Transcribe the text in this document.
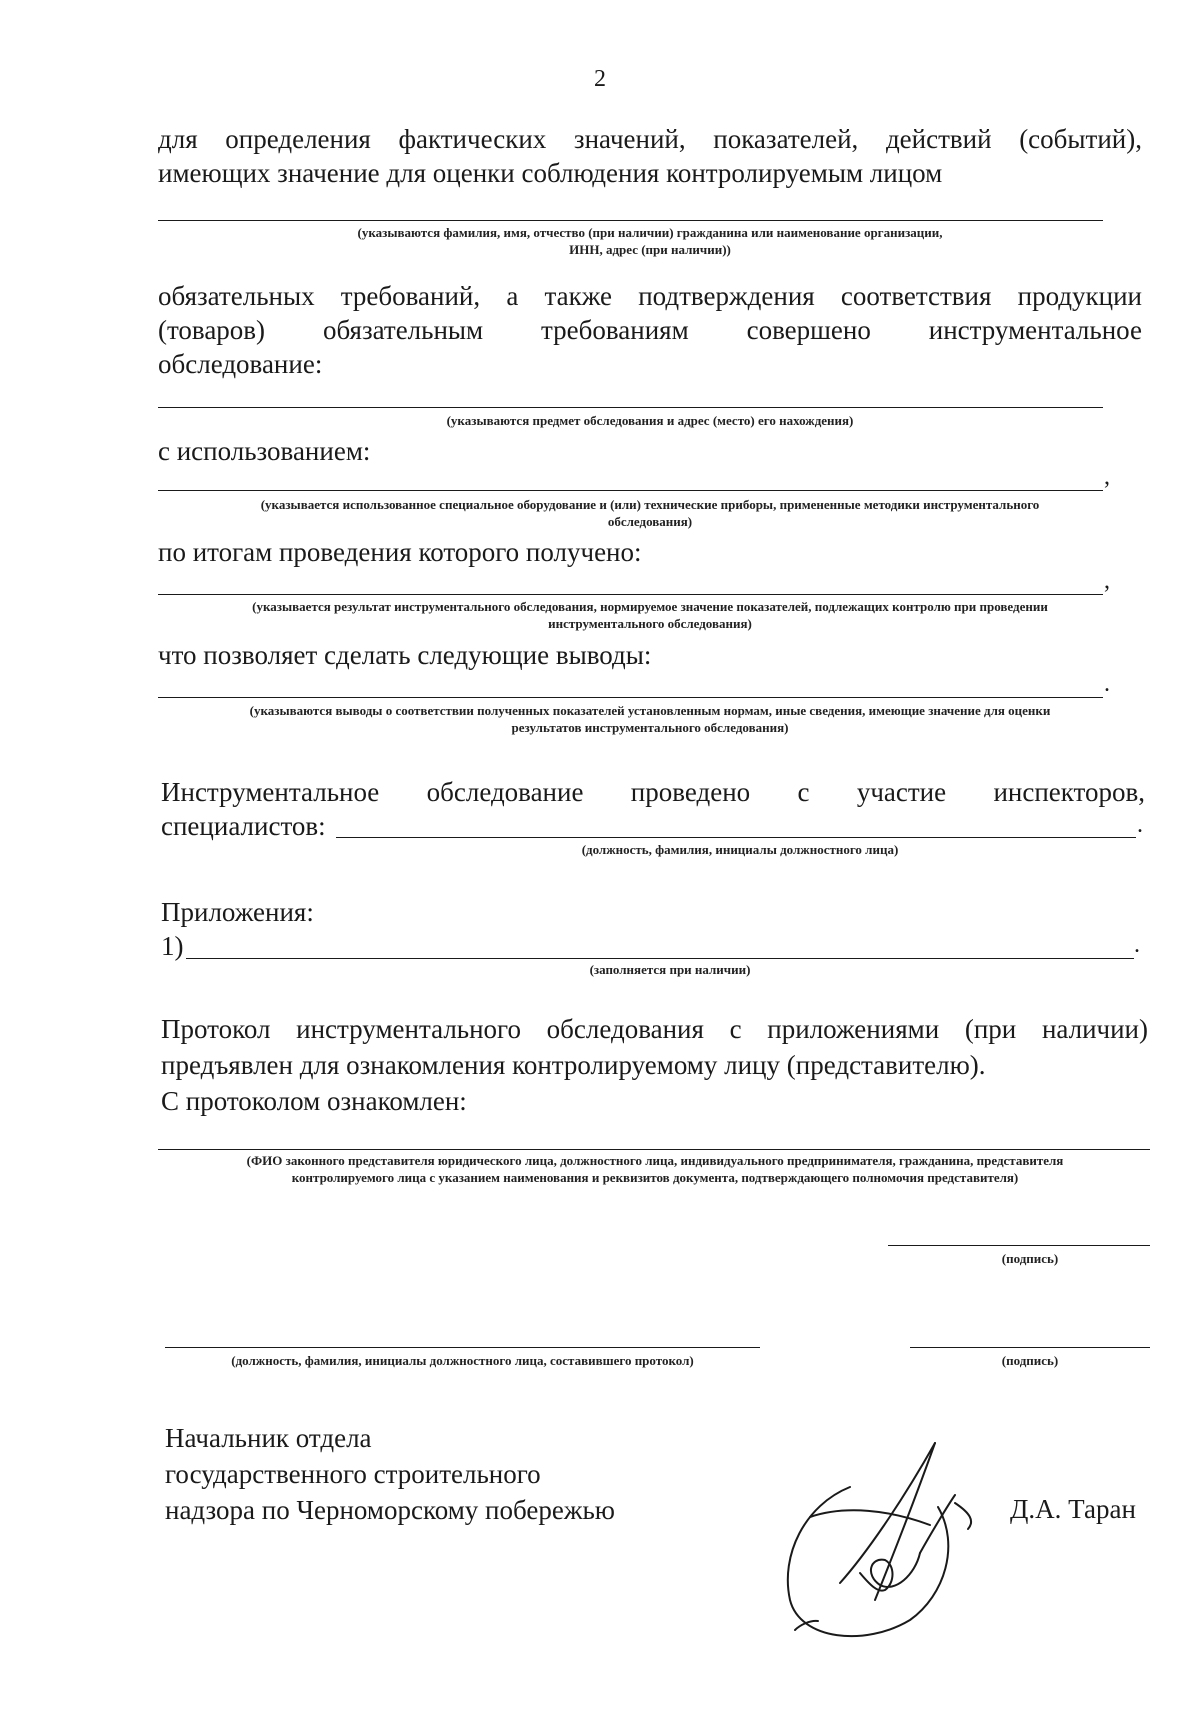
2
для определения фактических значений, показателей, действий (событий),
имеющих значение для оценки соблюдения контролируемым лицом
(указываются фамилия, имя, отчество (при наличии) гражданина или наименование организации,
ИНН, адрес (при наличии))
обязательных требований, а также подтверждения соответствия продукции
(товаров) обязательным требованиям совершено инструментальное
обследование:
(указываются предмет обследования и адрес (место) его нахождения)
с использованием:
,
(указывается использованное специальное оборудование и (или) технические приборы, примененные методики инструментального
обследования)
по итогам проведения которого получено:
,
(указывается результат инструментального обследования, нормируемое значение показателей, подлежащих контролю при проведении
инструментального обследования)
что позволяет сделать следующие выводы:
.
(указываются выводы о соответствии полученных показателей установленным нормам, иные сведения, имеющие значение для оценки
результатов инструментального обследования)
Инструментальное обследование проведено с участие инспекторов,
специалистов:	.
(должность, фамилия, инициалы должностного лица)
Приложения:
1)	.
(заполняется при наличии)
Протокол инструментального обследования с приложениями (при наличии)
предъявлен для ознакомления контролируемому лицу (представителю).
С протоколом ознакомлен:
(ФИО законного представителя юридического лица, должностного лица, индивидуального предпринимателя, гражданина, представителя
контролируемого лица с указанием наименования и реквизитов документа, подтверждающего полномочия представителя)
(подпись)
(должность, фамилия, инициалы должностного лица, составившего протокол)	(подпись)
Начальник отдела
государственного строительного
надзора по Черноморскому побережью	Д.А. Таран
